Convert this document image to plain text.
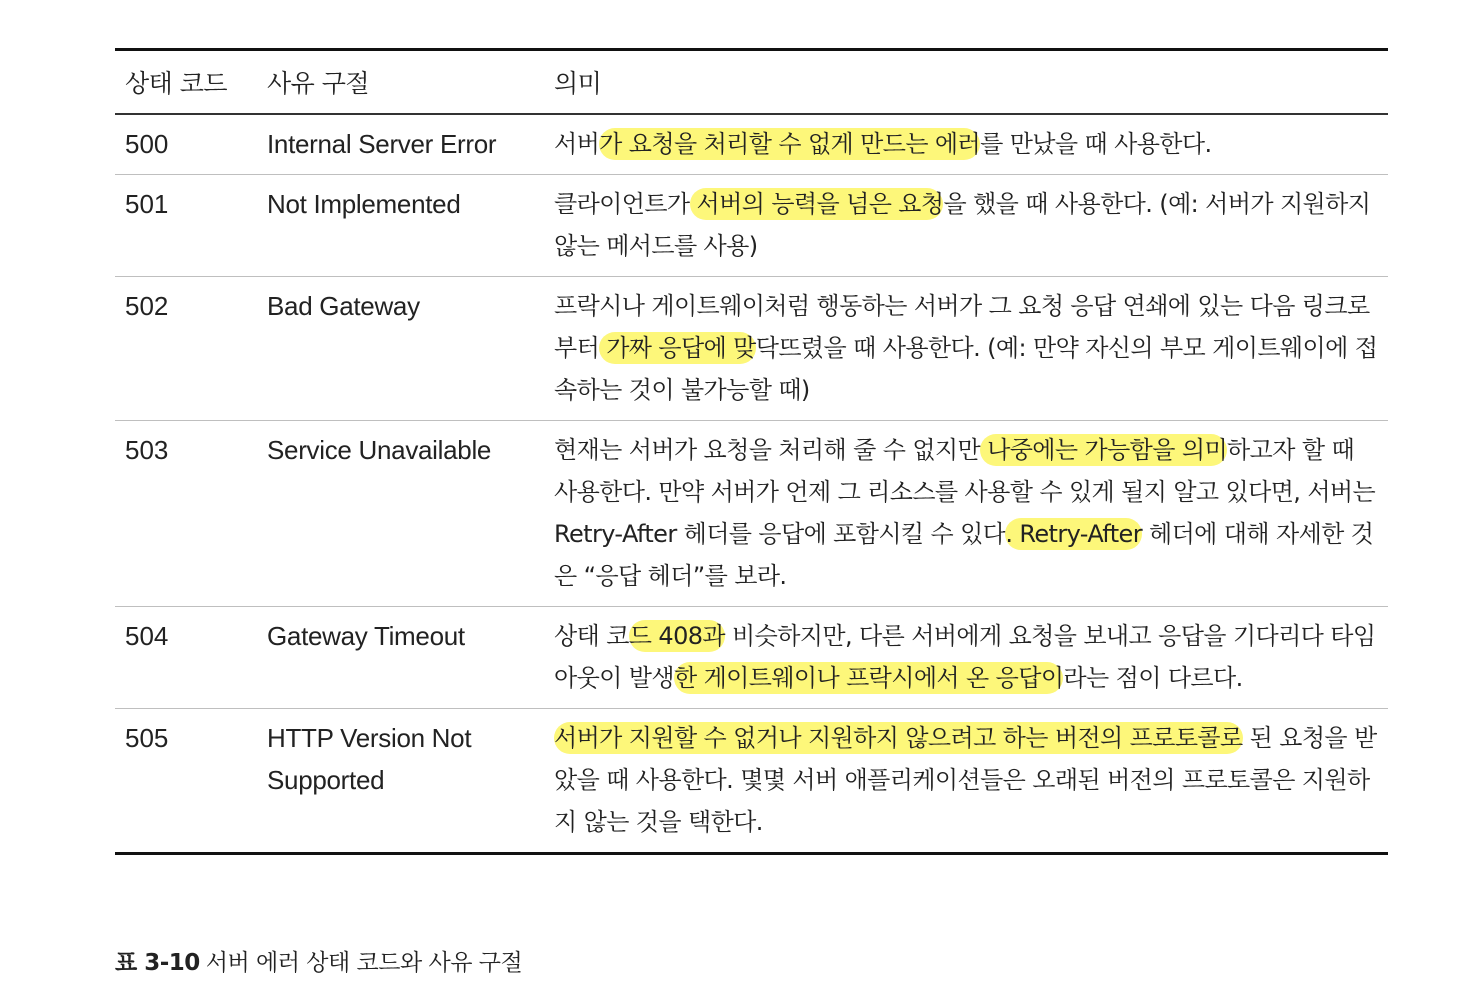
상태 코드	사유 구절	의미
500	Internal Server Error	서버가 요청을 처리할 수 없게 만드는 에러를 만났을 때 사용한다.
501	Not Implemented	클라이언트가 서버의 능력을 넘은 요청을 했을 때 사용한다. (예: 서버가 지원하지 않는 메서드를 사용)
502	Bad Gateway	프락시나 게이트웨이처럼 행동하는 서버가 그 요청 응답 연쇄에 있는 다음 링크로부터 가짜 응답에 맞닥뜨렸을 때 사용한다. (예: 만약 자신의 부모 게이트웨이에 접속하는 것이 불가능할 때)
503	Service Unavailable	현재는 서버가 요청을 처리해 줄 수 없지만 나중에는 가능함을 의미하고자 할 때 사용한다. 만약 서버가 언제 그 리소스를 사용할 수 있게 될지 알고 있다면, 서버는 Retry-After 헤더를 응답에 포함시킬 수 있다. Retry-After 헤더에 대해 자세한 것은 “응답 헤더”를 보라.
504	Gateway Timeout	상태 코드 408과 비슷하지만, 다른 서버에게 요청을 보내고 응답을 기다리다 타임아웃이 발생한 게이트웨이나 프락시에서 온 응답이라는 점이 다르다.
505	HTTP Version Not Supported	서버가 지원할 수 없거나 지원하지 않으려고 하는 버전의 프로토콜로 된 요청을 받았을 때 사용한다. 몇몇 서버 애플리케이션들은 오래된 버전의 프로토콜은 지원하지 않는 것을 택한다.
표 3-10 서버 에러 상태 코드와 사유 구절
